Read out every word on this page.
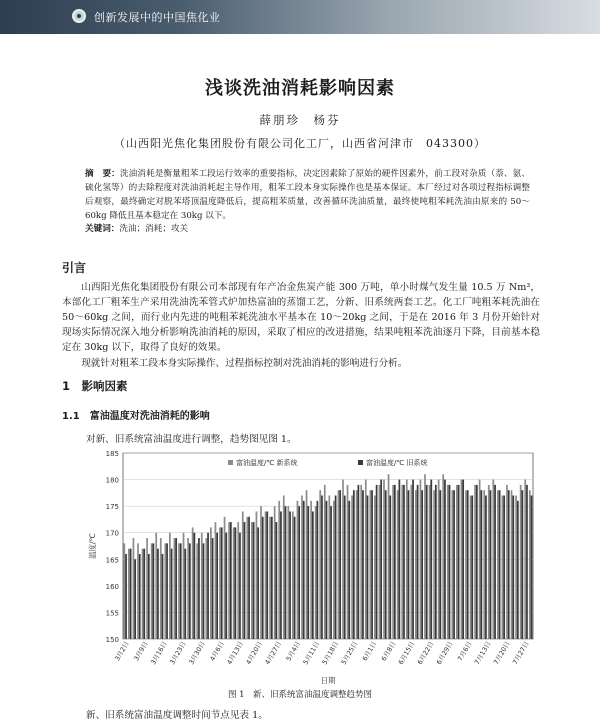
创新发展中的中国焦化业
浅谈洗油消耗影响因素
薛朋珍　杨芬
（山西阳光焦化集团股份有限公司化工厂，山西省河津市　043300）
摘　要：洗油消耗是衡量粗苯工段运行效率的重要指标，决定因素除了原始的硬件因素外，前工段对杂质（萘、氨、硫化氢等）的去除程度对洗油消耗起主导作用，粗苯工段本身实际操作也是基本保证。本厂经过对各项过程指标调整后观察，最终确定对脱苯塔顶温度降低后，提高粗苯质量，改善循环洗油质量，最终使吨粗苯耗洗油由原来的 50～60kg 降低且基本稳定在 30kg 以下。
关键词：洗油；消耗；攻关
引言
山西阳光焦化集团股份有限公司本部现有年产冶金焦炭产能 300 万吨，单小时煤气发生量 10.5 万 Nm³，本部化工厂粗苯生产采用洗油洗苯管式炉加热富油的蒸馏工艺，分新、旧系统两套工艺。化工厂吨粗苯耗洗油在 50～60kg 之间，而行业内先进的吨粗苯耗洗油水平基本在 10～20kg 之间，于是在 2016 年 3 月份开始针对现场实际情况深入地分析影响洗油消耗的原因，采取了相应的改进措施，结果吨粗苯洗油逐月下降，目前基本稳定在 30kg 以下，取得了良好的效果。
现就针对粗苯工段本身实际操作、过程指标控制对洗油消耗的影响进行分析。
1　影响因素
1.1　富油温度对洗油消耗的影响
对新、旧系统富油温度进行调整，趋势图见图 1。
150
155
160
165
170
175
180
185
温度/℃
3月2日 3月9日 3月16日 3月23日 3月30日 4月6日 4月13日 4月20日 4月27日 5月4日 5月11日 5月18日 5月25日 6月1日 6月8日 6月15日 6月22日 6月29日 7月6日 7月13日 7月20日 7月27日
日期
富油温度/℃ 新系统	富油温度/℃ 旧系统
图 1　新、旧系统富油温度调整趋势图
新、旧系统富油温度调整时间节点见表 1。
